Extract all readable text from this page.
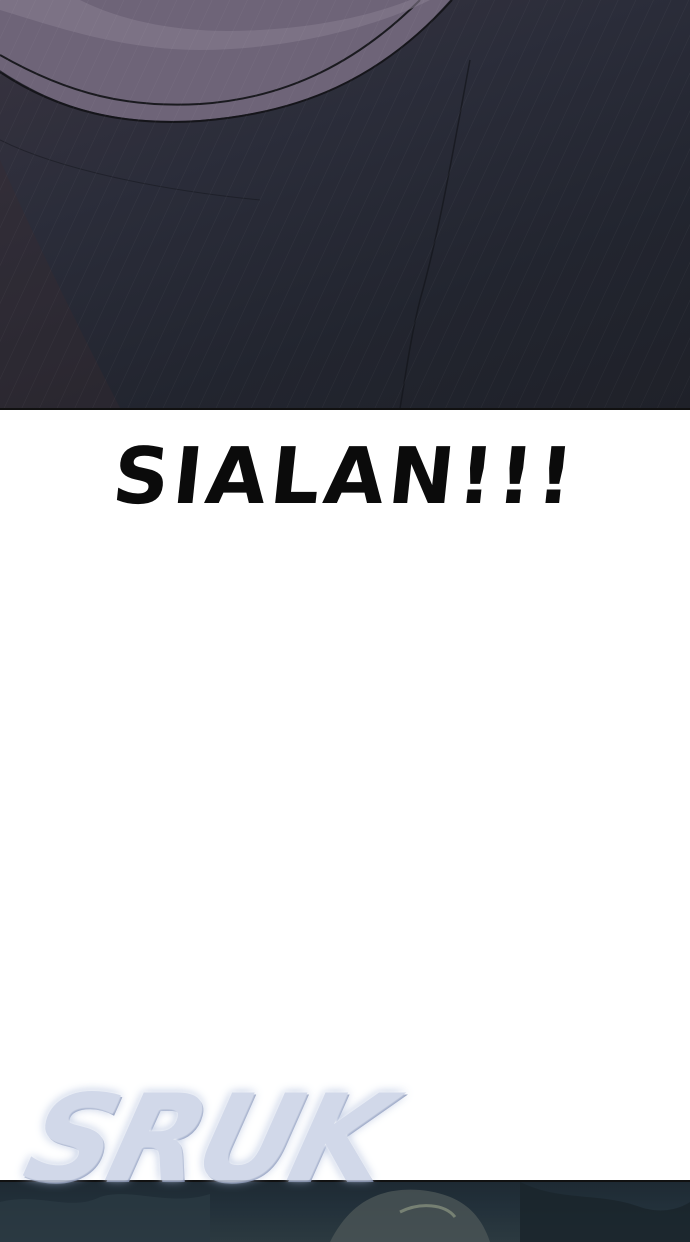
SIALAN!!!
SRUK
